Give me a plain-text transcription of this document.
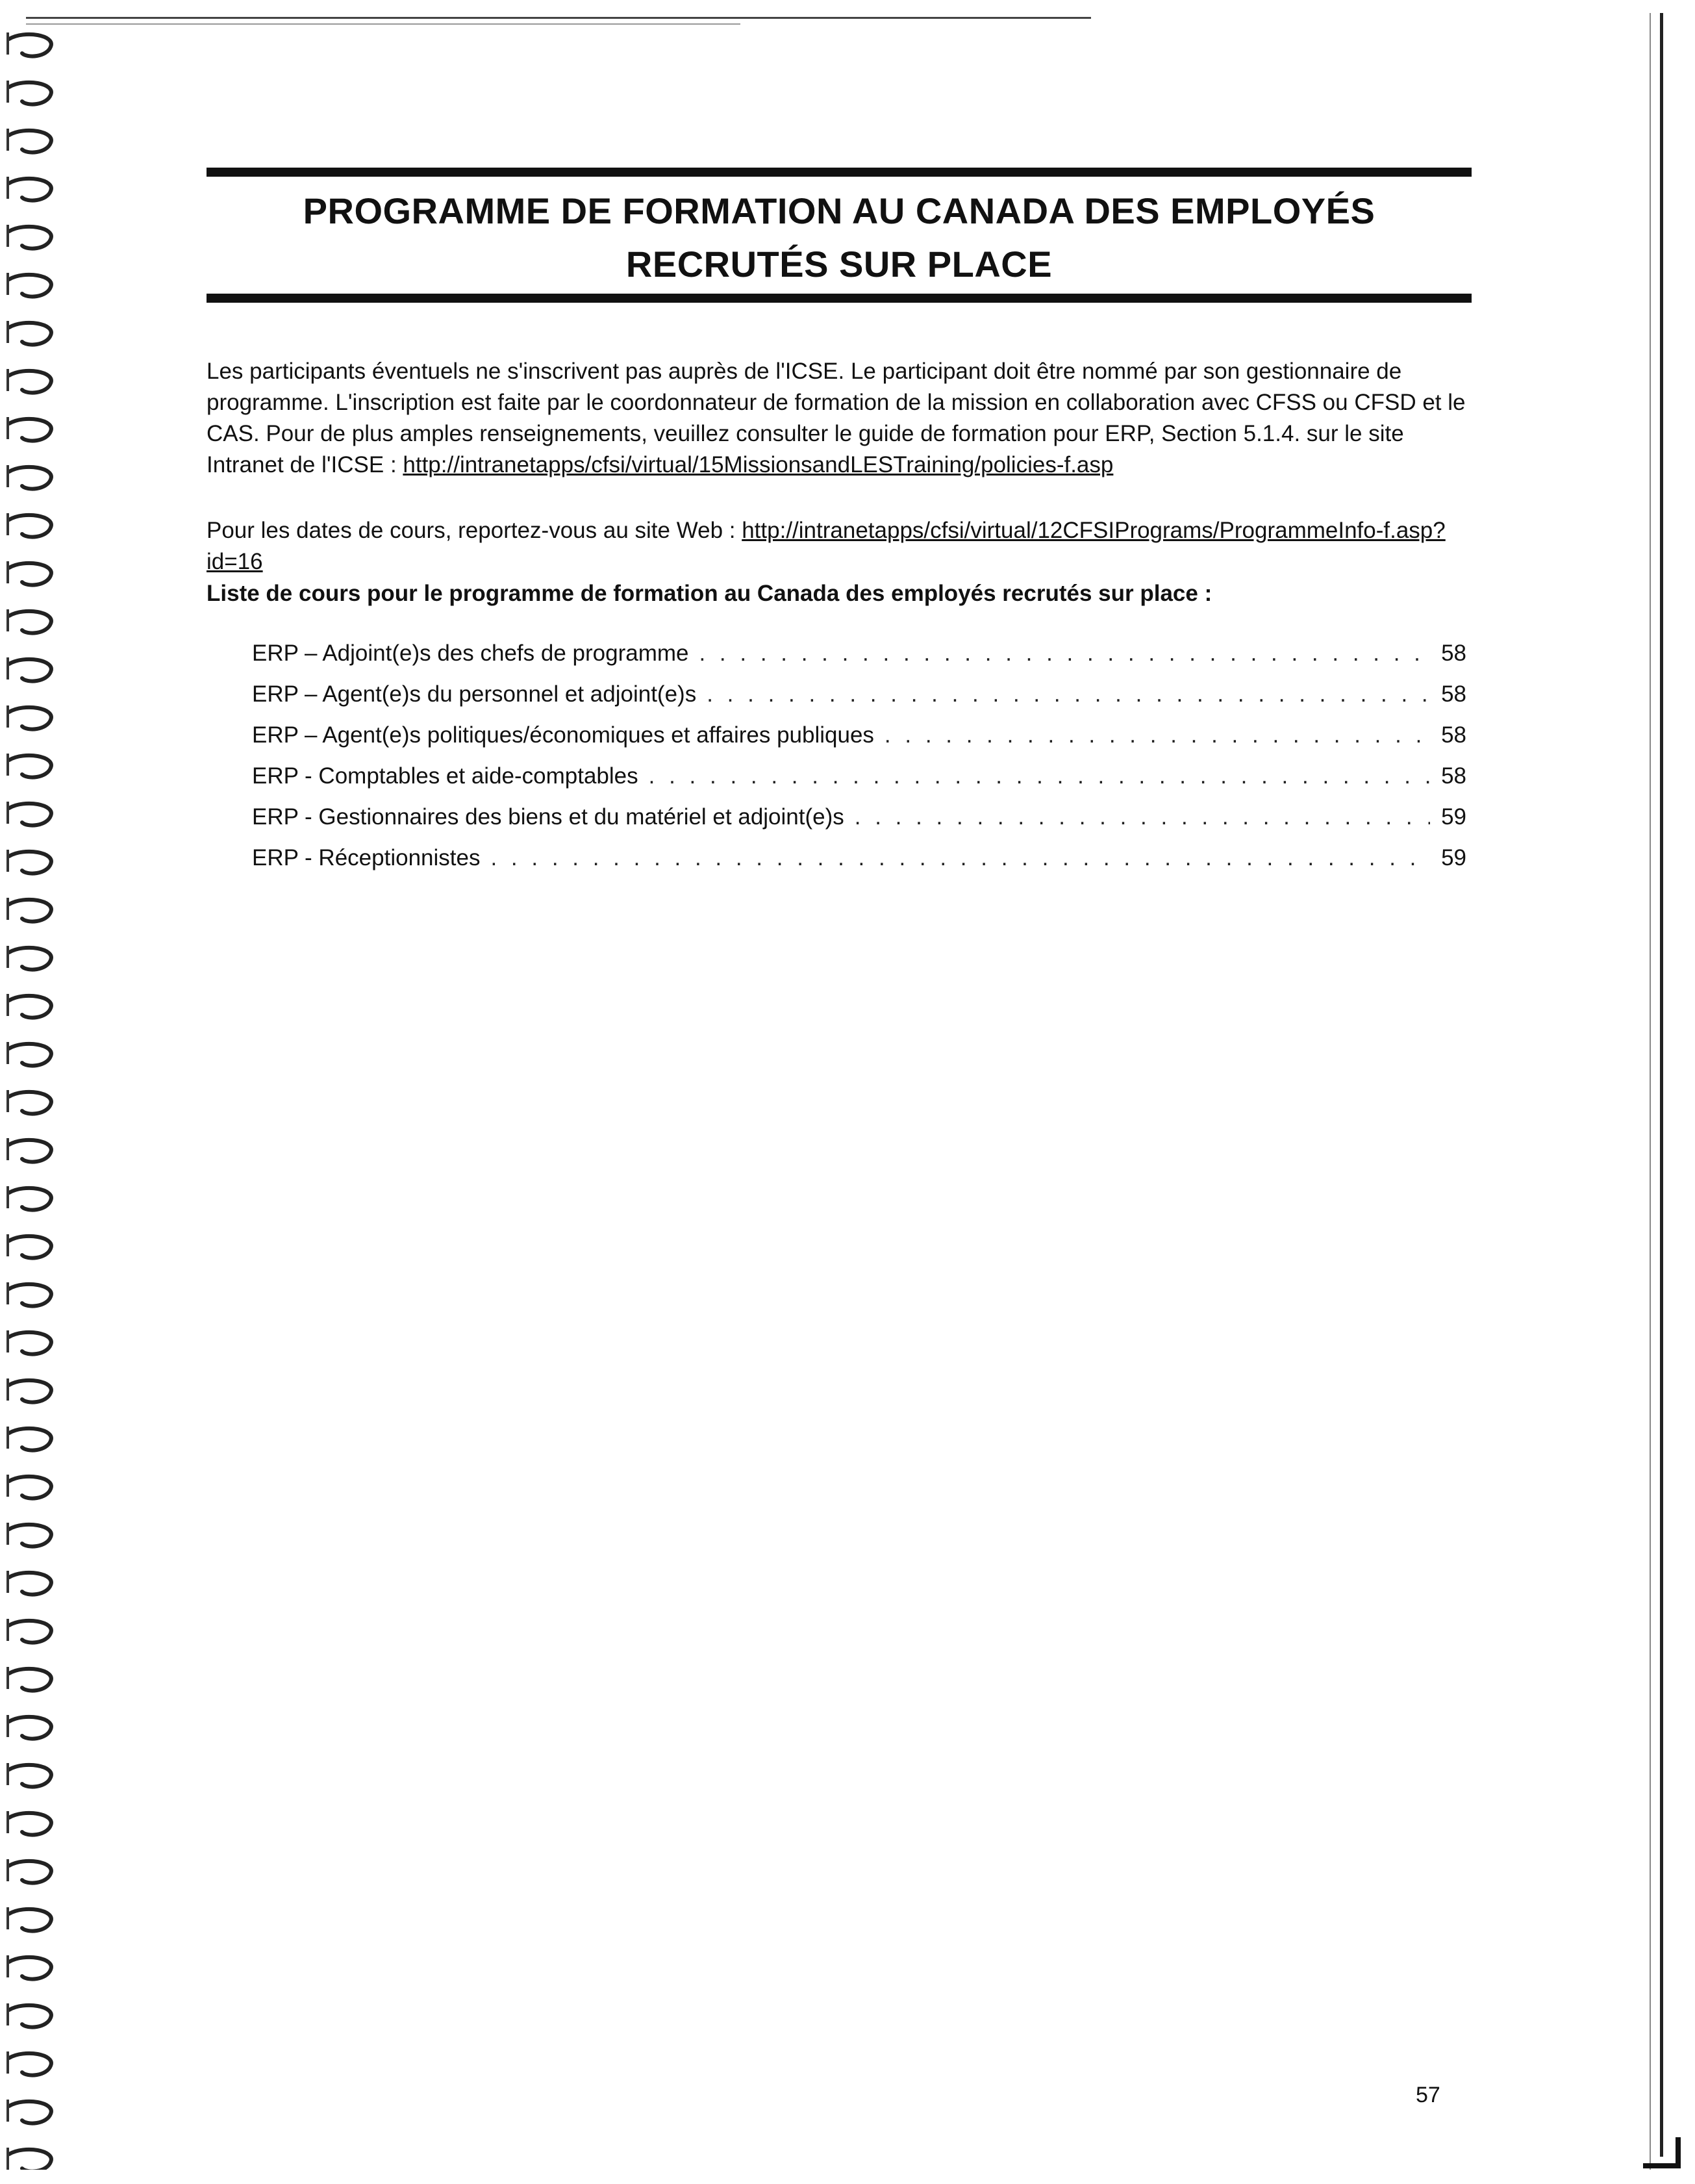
PROGRAMME DE FORMATION AU CANADA DES EMPLOYÉS
RECRUTÉS SUR PLACE
Les participants éventuels ne s'inscrivent pas auprès de l'ICSE. Le participant doit être nommé par son gestionnaire de programme. L'inscription est faite par le coordonnateur de formation de la mission en collaboration avec CFSS ou CFSD et le CAS. Pour de plus amples renseignements, veuillez consulter le guide de formation pour ERP, Section 5.1.4. sur le site Intranet de l'ICSE : http://intranetapps/cfsi/virtual/15MissionsandLESTraining/policies-f.asp
Pour les dates de cours, reportez-vous au site Web : http://intranetapps/cfsi/virtual/12CFSIPrograms/ProgrammeInfo-f.asp?id=16
Liste de cours pour le programme de formation au Canada des employés recrutés sur place :
ERP – Adjoint(e)s des chefs de programme . . .	58
ERP – Agent(e)s du personnel et adjoint(e)s . . .	58
ERP – Agent(e)s politiques/économiques et affaires publiques . . .	58
ERP - Comptables et aide-comptables . . .	58
ERP - Gestionnaires des biens et du matériel et adjoint(e)s . . .	59
ERP - Réceptionnistes . . .	59
57
